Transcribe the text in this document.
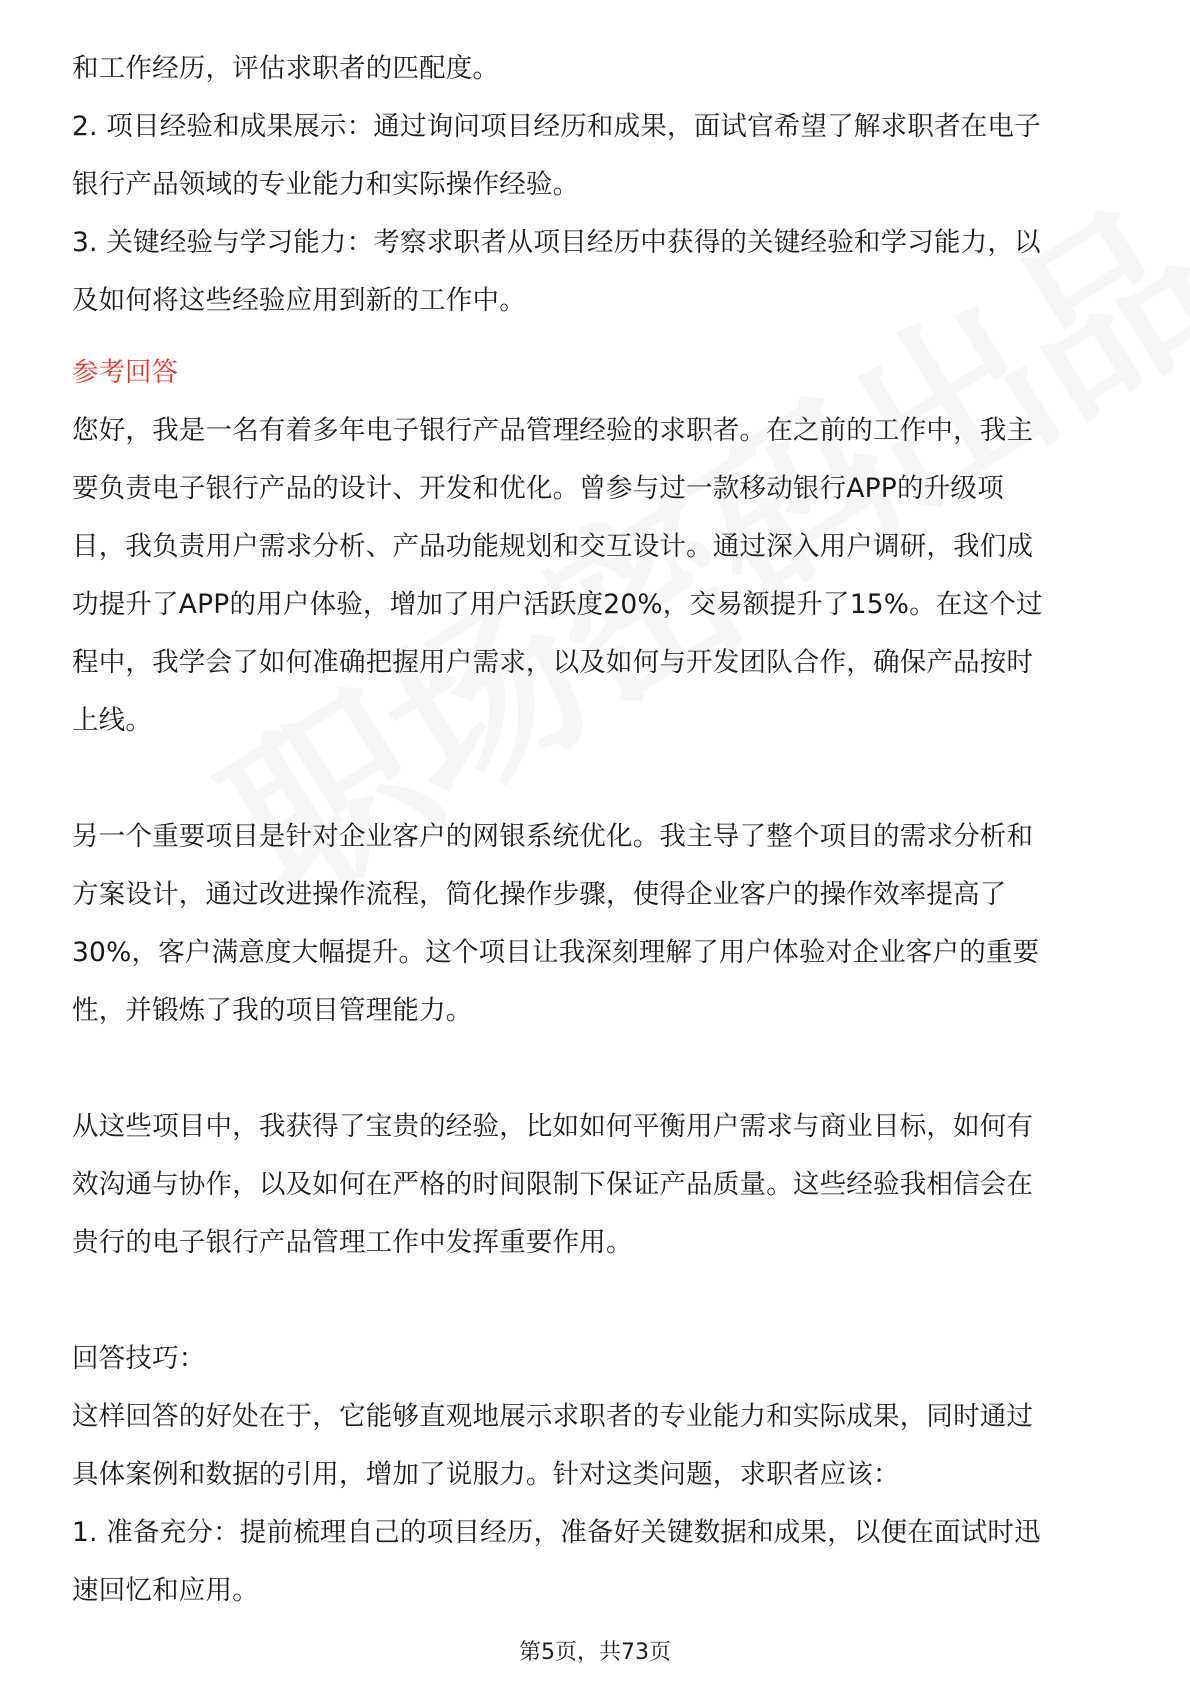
和工作经历，评估求职者的匹配度。
2. 项目经验和成果展示：通过询问项目经历和成果，面试官希望了解求职者在电子
银行产品领域的专业能力和实际操作经验。
3. 关键经验与学习能力：考察求职者从项目经历中获得的关键经验和学习能力，以
及如何将这些经验应用到新的工作中。
参考回答
您好，我是一名有着多年电子银行产品管理经验的求职者。在之前的工作中，我主
要负责电子银行产品的设计、开发和优化。曾参与过一款移动银行APP的升级项
目，我负责用户需求分析、产品功能规划和交互设计。通过深入用户调研，我们成
功提升了APP的用户体验，增加了用户活跃度20%，交易额提升了15%。在这个过
程中，我学会了如何准确把握用户需求，以及如何与开发团队合作，确保产品按时
上线。
另一个重要项目是针对企业客户的网银系统优化。我主导了整个项目的需求分析和
方案设计，通过改进操作流程，简化操作步骤，使得企业客户的操作效率提高了
30%，客户满意度大幅提升。这个项目让我深刻理解了用户体验对企业客户的重要
性，并锻炼了我的项目管理能力。
从这些项目中，我获得了宝贵的经验，比如如何平衡用户需求与商业目标，如何有
效沟通与协作，以及如何在严格的时间限制下保证产品质量。这些经验我相信会在
贵行的电子银行产品管理工作中发挥重要作用。
回答技巧：
这样回答的好处在于，它能够直观地展示求职者的专业能力和实际成果，同时通过
具体案例和数据的引用，增加了说服力。针对这类问题，求职者应该：
1. 准备充分：提前梳理自己的项目经历，准备好关键数据和成果，以便在面试时迅
速回忆和应用。
第5页，共73页
